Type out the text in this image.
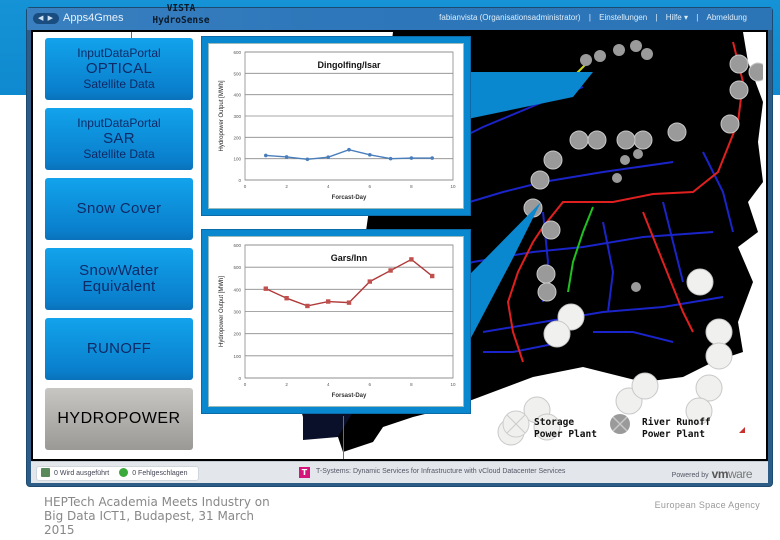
◀ ▶ Apps4Gmes
VISTA
HydroSense	fabianvista (Organisationsadministrator) | Einstellungen | Hilfe ▾ | Abmeldung
InputDataPortal
OPTICAL
Satellite Data
InputDataPortal
SAR
Satellite Data
Snow Cover
SnowWater
Equivalent
RUNOFF
HYDROPOWER
0
100
200
300
400
500
600
0	2	4	6	8	10
Forcast-Day
Hydropower Output [MWh]
Dingolfing/Isar
0
100
200
300
400
500
600
0	2	4	6	8	10
Forsast-Day
Hydropower Output [MWh]
Gars/Inn
Storage
Power Plant
River Runoff
Power Plant
0 Wird ausgeführt	0 Fehlgeschlagen	T	T-Systems: Dynamic Services for Infrastructure with vCloud Datacenter Services
Powered by vmware
HEPTech Academia Meets Industry on Big Data ICT1, Budapest, 31 March 2015
European Space Agency
